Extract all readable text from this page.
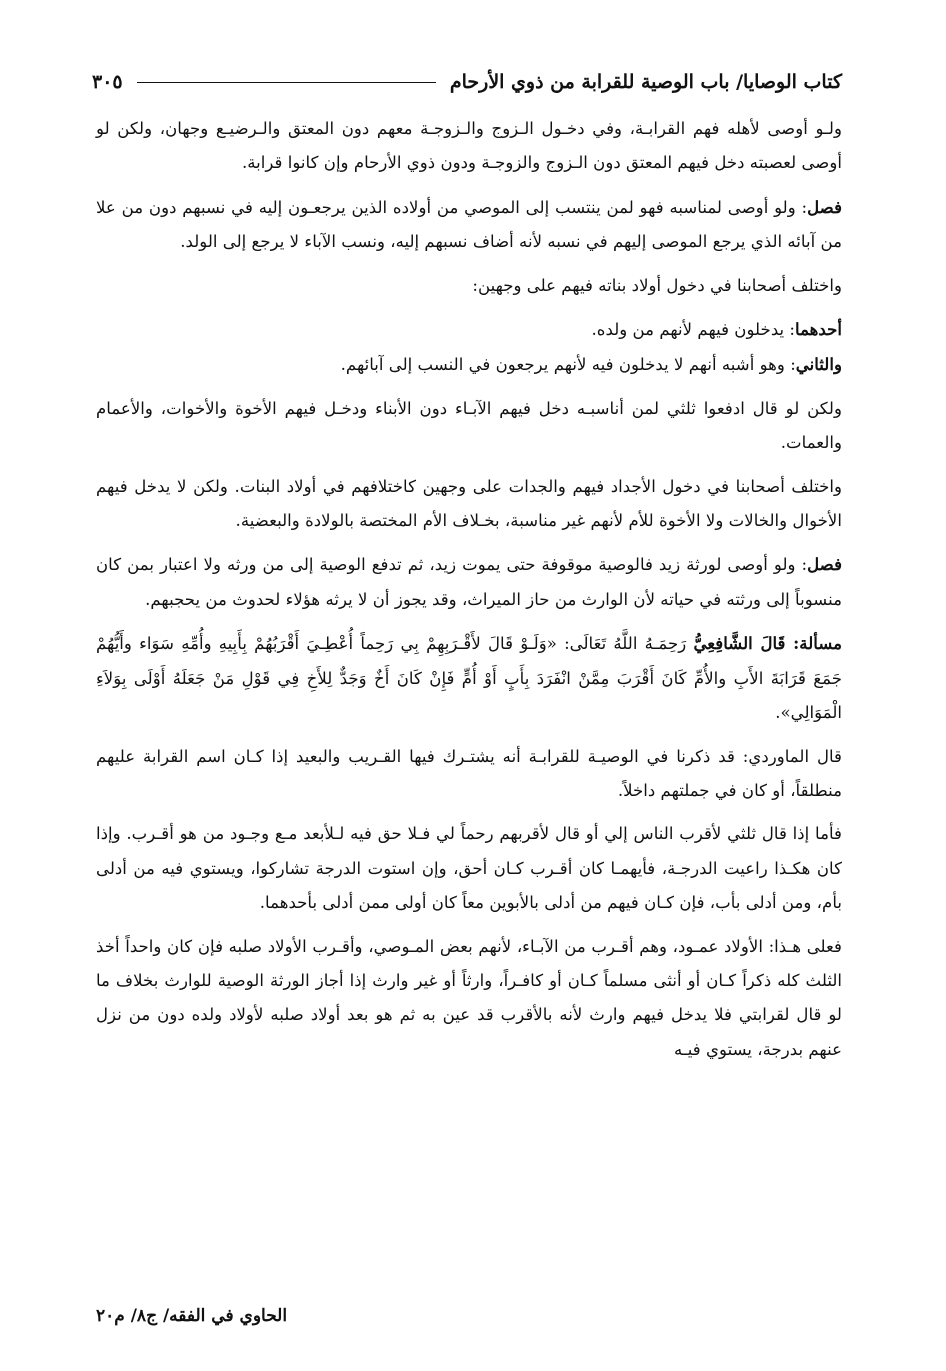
كتاب الوصايا/ باب الوصية للقرابة من ذوي الأرحام
٣٠٥

ولـو أوصى لأهله فهم القرابـة، وفي دخـول الـزوج والـزوجـة معهم دون المعتق والـرضيـع وجهان، ولكن لو أوصى لعصبته دخل فيهم المعتق دون الـزوج والزوجـة ودون ذوي الأرحام وإن كانوا قرابة.

فصل: ولو أوصى لمناسبه فهو لمن ينتسب إلى الموصي من أولاده الذين يرجعـون إليه في نسبهم دون من علا من آبائه الذي يرجع الموصى إليهم في نسبه لأنه أضاف نسبهم إليه، ونسب الآباء لا يرجع إلى الولد.

واختلف أصحابنا في دخول أولاد بناته فيهم على وجهين:

أحدهما: يدخلون فيهم لأنهم من ولده.

والثاني: وهو أشبه أنهم لا يدخلون فيه لأنهم يرجعون في النسب إلى آبائهم.

ولكن لو قال ادفعوا ثلثي لمن أناسبـه دخل فيهم الآبـاء دون الأبناء ودخـل فيهم الأخوة والأخوات، والأعمام والعمات.

واختلف أصحابنا في دخول الأجداد فيهم والجدات على وجهين كاختلافهم في أولاد البنات. ولكن لا يدخل فيهم الأخوال والخالات ولا الأخوة للأم لأنهم غير مناسبة، بخـلاف الأم المختصة بالولادة والبعضية.

فصل: ولو أوصى لورثة زيد فالوصية موقوفة حتى يموت زيد، ثم تدفع الوصية إلى من ورثه ولا اعتبار بمن كان منسوباً إلى ورثته في حياته لأن الوارث من حاز الميراث، وقد يجوز أن لا يرثه هؤلاء لحدوث من يحجبهم.

مسألة: قَالَ الشَّافِعِيُّ رَحِمَـهُ اللَّهُ تَعَالَى: «وَلَـوْ قَالَ لأَقْـرَبِهِمْ بِي رَحِماً أُعْطِـيَ أَقْرَبُهُمْ بِأَبِيهِ وأُمِّهِ سَوَاء وأَيُّهُمْ جَمَعَ قَرَابَةَ الأَبِ والأُمِّ كَانَ أَقْرَبَ مِمَّنْ انْفَرَدَ بِأَبٍ أَوْ أُمٍّ فَإِنْ كَانَ أَخٌ وَجَدٌّ لِلأَخِ فِي قَوْلِ مَنْ جَعَلَهُ أَوْلَى بِوَلاَءِ الْمَوَالِي».

قال الماوردي: قد ذكرنا في الوصيـة للقرابـة أنه يشتـرك فيها القـريب والبعيد إذا كـان اسم القرابة عليهم منطلقاً، أو كان في جملتهم داخلاً.

فأما إذا قال ثلثي لأقرب الناس إلي أو قال لأقربهم رحماً لي فـلا حق فيه لـلأبعد مـع وجـود من هو أقـرب. وإذا كان هكـذا راعيت الدرجـة، فأيهمـا كان أقـرب كـان أحق، وإن استوت الدرجة تشاركوا، ويستوي فيه من أدلى بأم، ومن أدلى بأب، فإن كـان فيهم من أدلى بالأبوين معاً كان أولى ممن أدلى بأحدهما.

فعلى هـذا: الأولاد عمـود، وهم أقـرب من الآبـاء، لأنهم بعض المـوصي، وأقـرب الأولاد صلبه فإن كان واحداً أخذ الثلث كله ذكراً كـان أو أنثى مسلماً كـان أو كافـراً، وارثاً أو غير وارث إذا أجاز الورثة الوصية للوارث بخلاف ما لو قال لقرابتي فلا يدخل فيهم وارث لأنه بالأقرب قد عين به ثم هو بعد أولاد صلبه لأولاد ولده دون من نزل عنهم بدرجة، يستوي فيـه

الحاوي في الفقه/ ج٨/ م٢٠
